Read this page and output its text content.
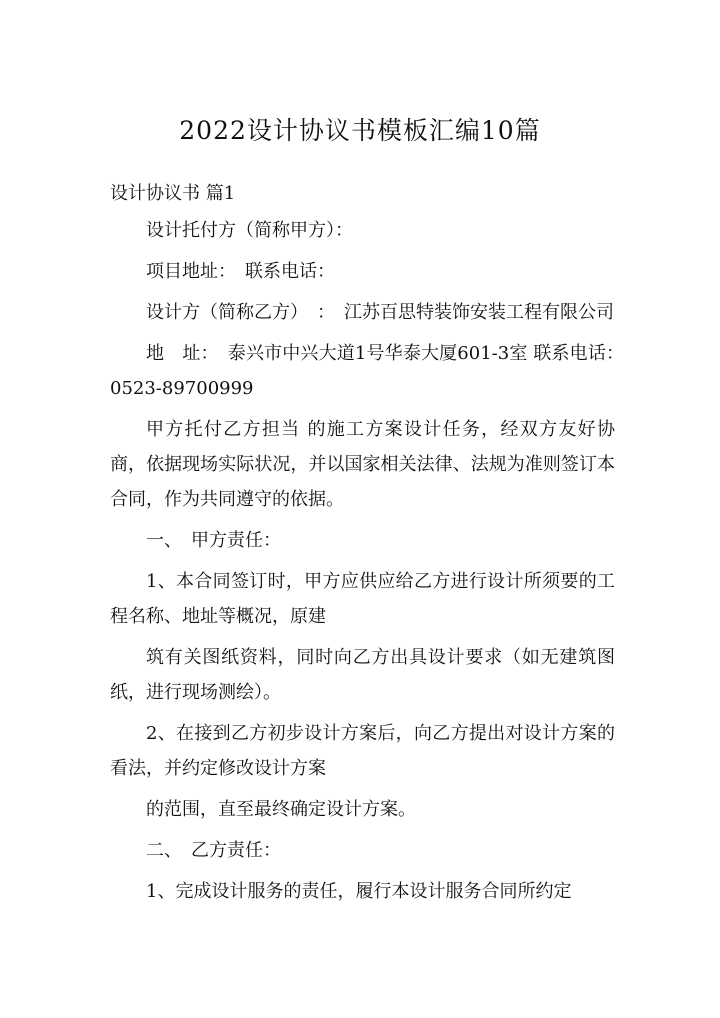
2022设计协议书模板汇编10篇
设计协议书 篇1

设计托付方（简称甲方）：

项目地址：　联系电话：

设计方（简称乙方）　：　江苏百思特装饰安装工程有限公司

地　址：　泰兴市中兴大道1号华泰大厦601-3室 联系电话：　0523-89700999

甲方托付乙方担当 的施工方案设计任务，经双方友好协商，依据现场实际状况，并以国家相关法律、法规为准则签订本合同，作为共同遵守的依据。

一、　甲方责任：

1、本合同签订时，甲方应供应给乙方进行设计所须要的工程名称、地址等概况，原建

筑有关图纸资料，同时向乙方出具设计要求（如无建筑图纸，进行现场测绘）。

2、在接到乙方初步设计方案后，向乙方提出对设计方案的看法，并约定修改设计方案

的范围，直至最终确定设计方案。

二、　乙方责任：

1、完成设计服务的责任，履行本设计服务合同所约定
